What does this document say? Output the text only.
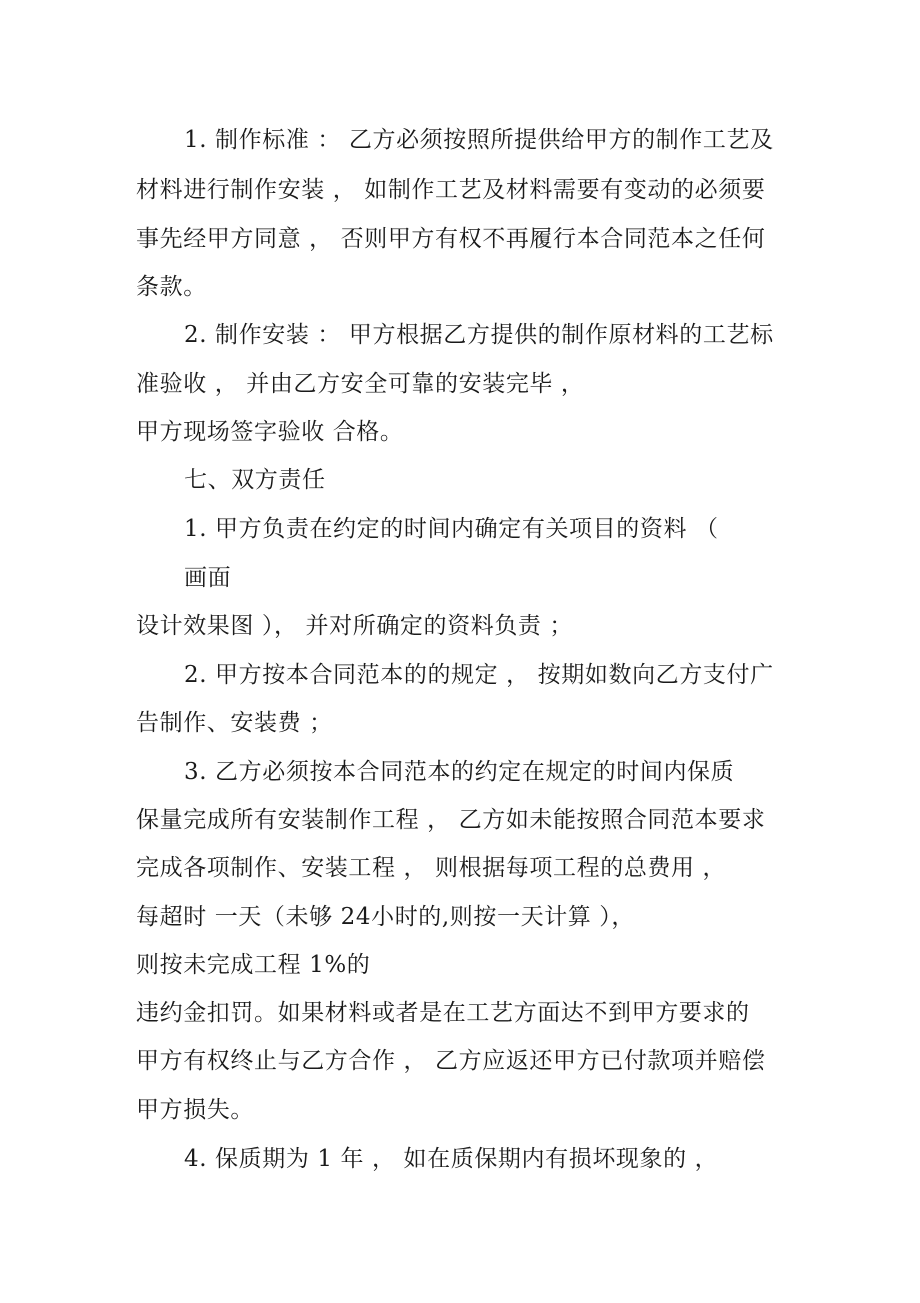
1. 制作标准 ： 乙方必须按照所提供给甲方的制作工艺及
材料进行制作安装 ， 如制作工艺及材料需要有变动的必须要
事先经甲方同意 ， 否则甲方有权不再履行本合同范本之任何
条款。
2. 制作安装 ： 甲方根据乙方提供的制作原材料的工艺标
准验收 ， 并由乙方安全可靠的安装完毕 ，
甲方现场签字验收 合格。
七、双方责任
1. 甲方负责在约定的时间内确定有关项目的资料 （
画面
设计效果图 ）， 并对所确定的资料负责 ；
2. 甲方按本合同范本的的规定 ， 按期如数向乙方支付广
告制作、安装费 ；
3. 乙方必须按本合同范本的约定在规定的时间内保质
保量完成所有安装制作工程 ， 乙方如未能按照合同范本要求
完成各项制作、安装工程 ， 则根据每项工程的总费用 ，
每超时 一天（未够 24小时的,则按一天计算 ），
则按未完成工程 1%的
违约金扣罚。如果材料或者是在工艺方面达不到甲方要求的
甲方有权终止与乙方合作 ， 乙方应返还甲方已付款项并赔偿
甲方损失。
4. 保质期为 1 年 ， 如在质保期内有损坏现象的 ，
